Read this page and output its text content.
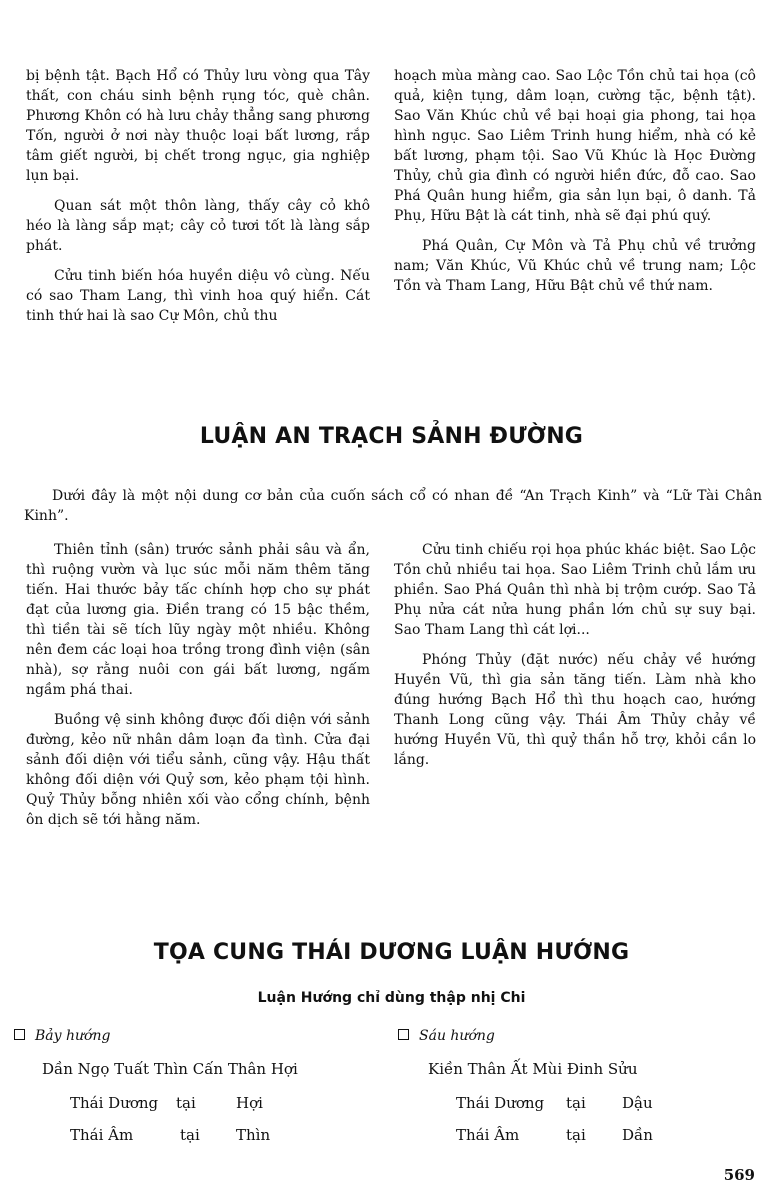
bị bệnh tật. Bạch Hổ có Thủy lưu vòng qua Tây thất, con cháu sinh bệnh rụng tóc, què chân. Phương Khôn có hà lưu chảy thẳng sang phương Tốn, người ở nơi này thuộc loại bất lương, rắp tâm giết người, bị chết trong ngục, gia nghiệp lụn bại.

Quan sát một thôn làng, thấy cây cỏ khô héo là làng sắp mạt; cây cỏ tươi tốt là làng sắp phát.

Cửu tinh biến hóa huyền diệu vô cùng. Nếu có sao Tham Lang, thì vinh hoa quý hiển. Cát tinh thứ hai là sao Cự Môn, chủ thu

hoạch mùa màng cao. Sao Lộc Tồn chủ tai họa (cô quả, kiện tụng, dâm loạn, cường tặc, bệnh tật). Sao Văn Khúc chủ về bại hoại gia phong, tai họa hình ngục. Sao Liêm Trinh hung hiểm, nhà có kẻ bất lương, phạm tội. Sao Vũ Khúc là Học Đường Thủy, chủ gia đình có người hiền đức, đỗ cao. Sao Phá Quân hung hiểm, gia sản lụn bại, ô danh. Tả Phụ, Hữu Bật là cát tinh, nhà sẽ đại phú quý.

Phá Quân, Cự Môn và Tả Phụ chủ về trưởng nam; Văn Khúc, Vũ Khúc chủ về trung nam; Lộc Tồn và Tham Lang, Hữu Bật chủ về thứ nam.

LUẬN AN TRẠCH SẢNH ĐƯỜNG
Dưới đây là một nội dung cơ bản của cuốn sách cổ có nhan đề “An Trạch Kinh” và “Lữ Tài Chân Kinh”.

Thiên tỉnh (sân) trước sảnh phải sâu và ẩn, thì ruộng vườn và lục súc mỗi năm thêm tăng tiến. Hai thước bảy tấc chính hợp cho sự phát đạt của lương gia. Điền trang có 15 bậc thềm, thì tiền tài sẽ tích lũy ngày một nhiều. Không nên đem các loại hoa trồng trong đình viện (sân nhà), sợ rằng nuôi con gái bất lương, ngấm ngầm phá thai.

Buồng vệ sinh không được đối diện với sảnh đường, kẻo nữ nhân dâm loạn đa tình. Cửa đại sảnh đối diện với tiểu sảnh, cũng vậy. Hậu thất không đối diện với Quỷ sơn, kẻo phạm tội hình. Quỷ Thủy bỗng nhiên xối vào cổng chính, bệnh ôn dịch sẽ tới hằng năm.

Cửu tinh chiếu rọi họa phúc khác biệt. Sao Lộc Tồn chủ nhiều tai họa. Sao Liêm Trinh chủ lắm ưu phiền. Sao Phá Quân thì nhà bị trộm cướp. Sao Tả Phụ nửa cát nửa hung phần lớn chủ sự suy bại. Sao Tham Lang thì cát lợi...

Phóng Thủy (đặt nước) nếu chảy về hướng Huyền Vũ, thì gia sản tăng tiến. Làm nhà kho đúng hướng Bạch Hổ thì thu hoạch cao, hướng Thanh Long cũng vậy. Thái Âm Thủy chảy về hướng Huyền Vũ, thì quỷ thần hỗ trợ, khỏi cần lo lắng.

TỌA CUNG THÁI DƯƠNG LUẬN HƯỚNG
Luận Hướng chỉ dùng thập nhị Chi
Bảy hướng
Dần Ngọ Tuất Thìn Cấn Thân Hợi
Thái Dương tại	Hợi
Thái Âm	tại Thìn
Sáu hướng
Kiền Thân Ất Mùi Đinh Sửu
Thái Dương tại Dậu
Thái Âm	tại Dần
569
